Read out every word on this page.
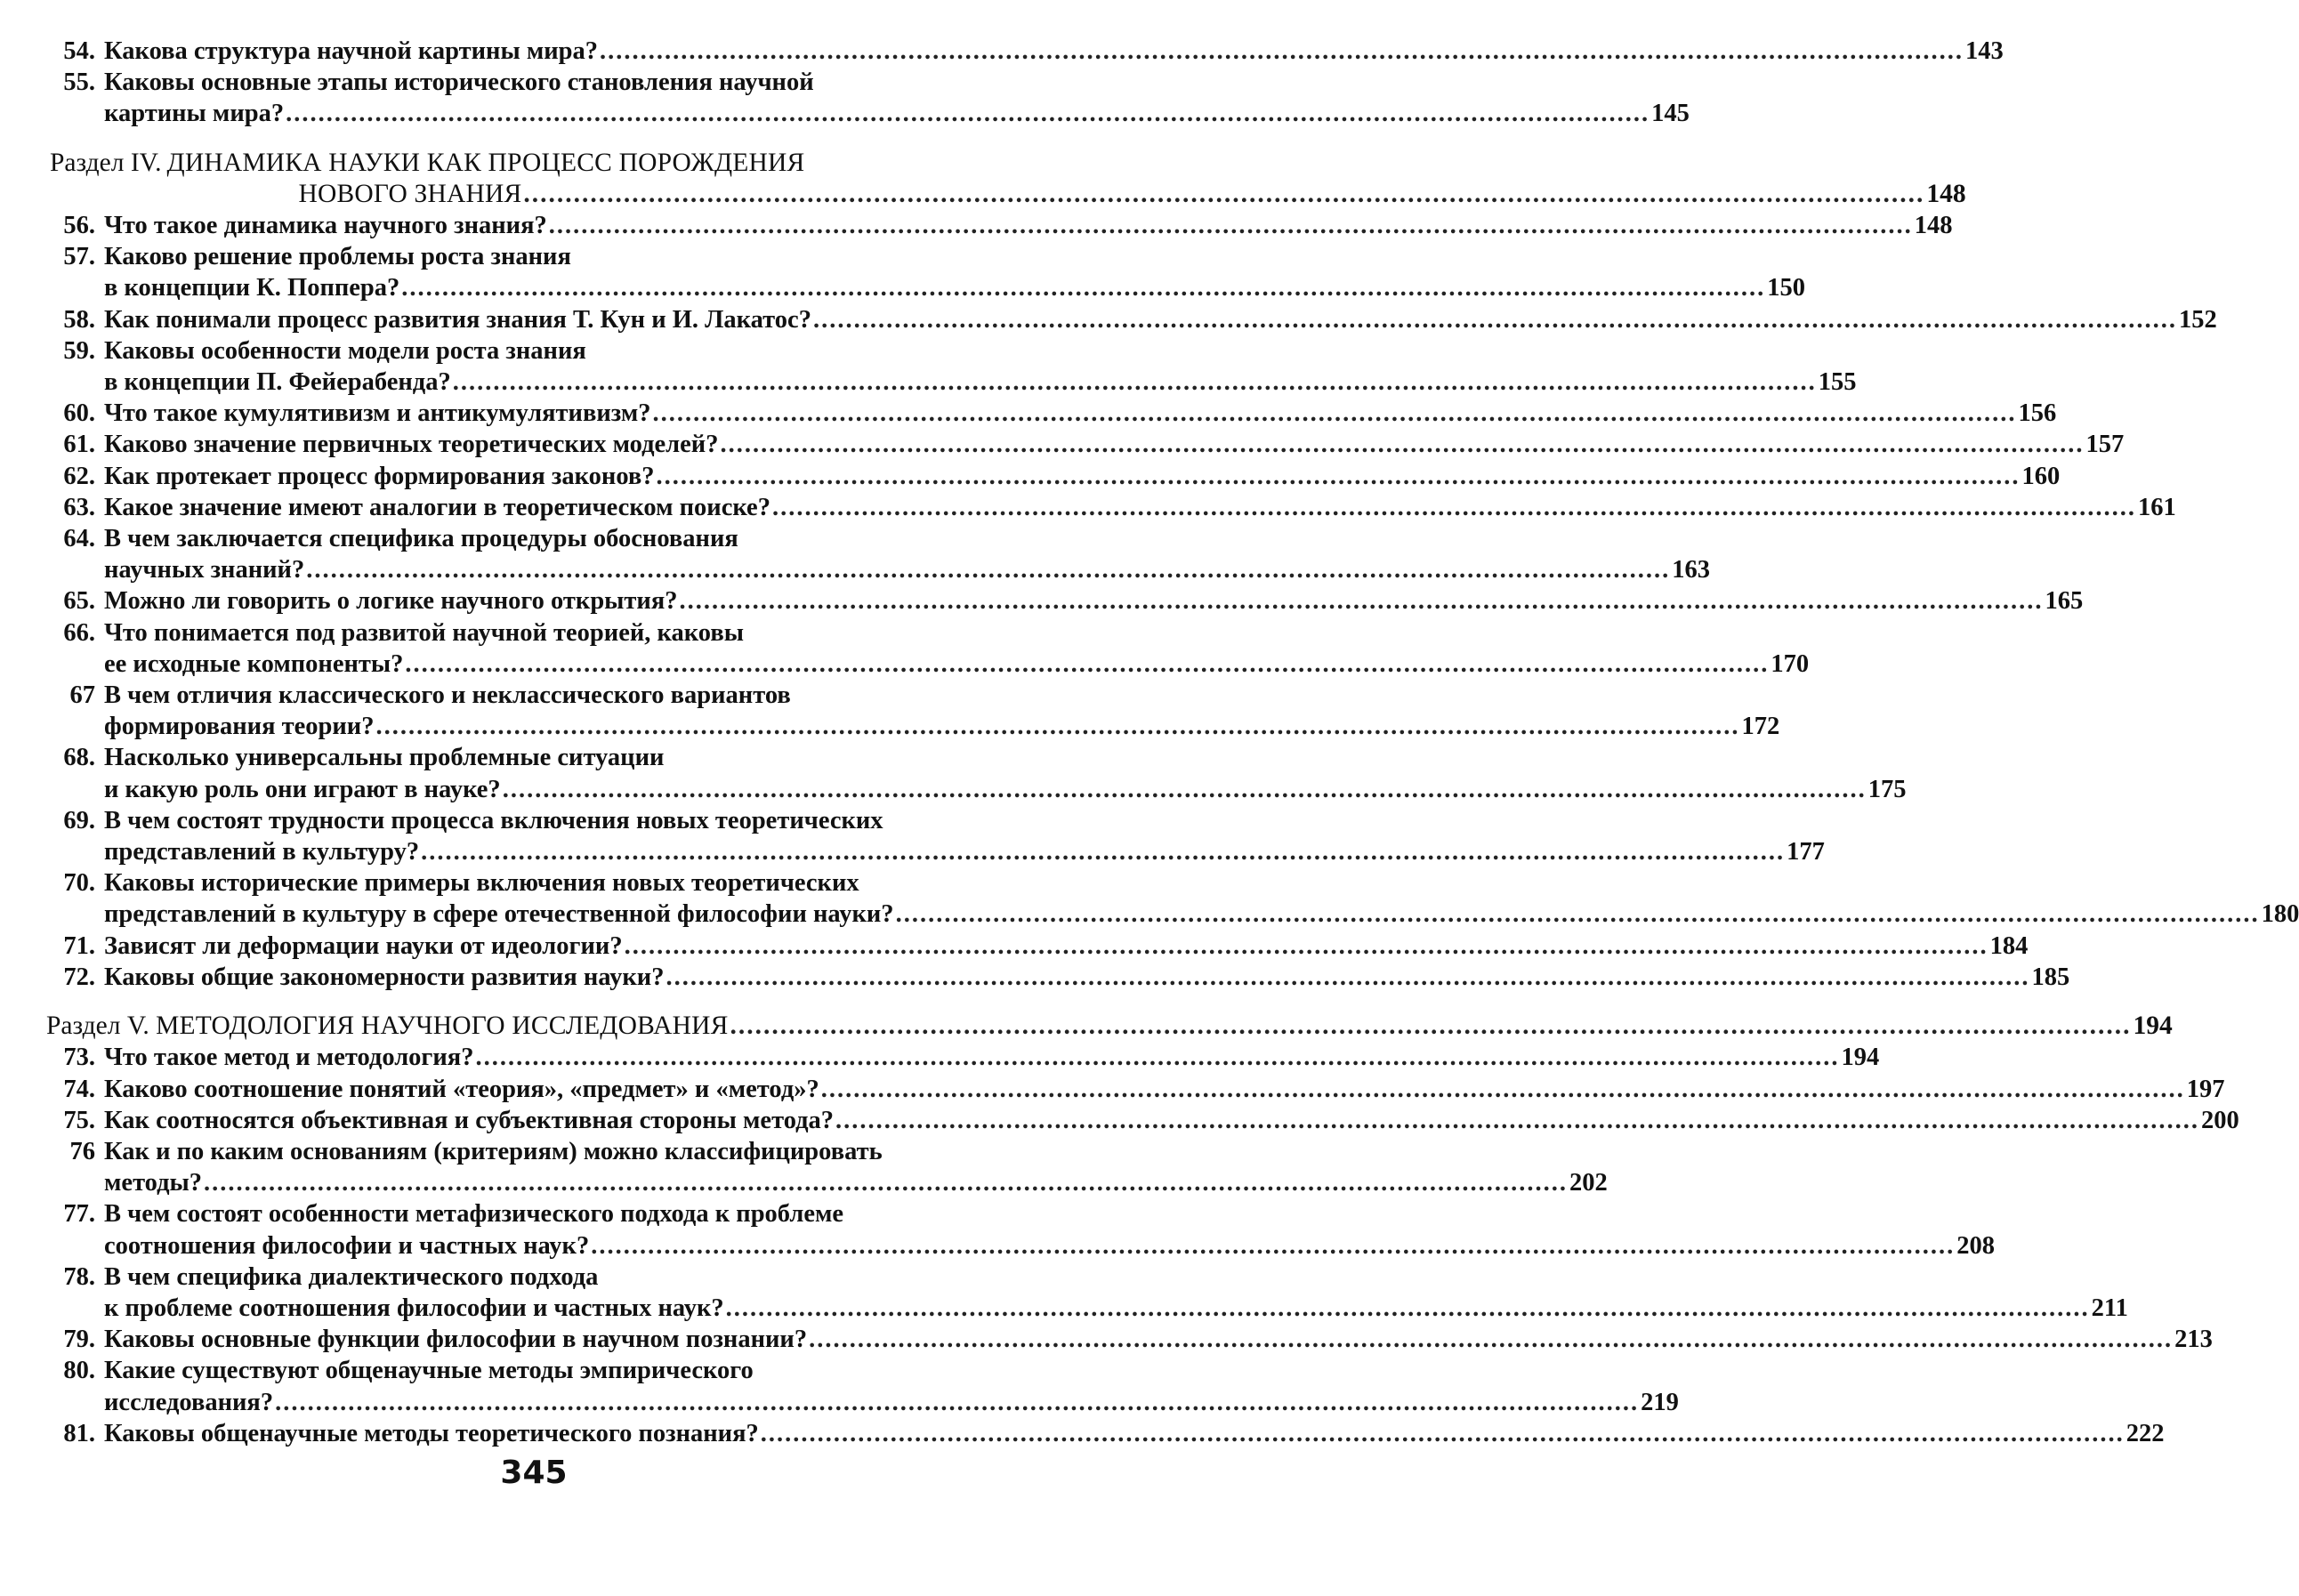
54. Какова структура научной картины мира? .....	143
55. Каковы основные этапы исторического становления научной
картины мира? .....	145
Раздел IV. ДИНАМИКА НАУКИ КАК ПРОЦЕСС ПОРОЖДЕНИЯ
НОВОГО ЗНАНИЯ .....	148
56. Что такое динамика научного знания? .....	148
57. Каково решение проблемы роста знания
в концепции К. Поппера? .....	150
58. Как понимали процесс развития знания Т. Кун и И. Лакатос? .....	152
59. Каковы особенности модели роста знания
в концепции П. Фейерабенда? .....	155
60. Что такое кумулятивизм и антикумулятивизм? .....	156
61. Каково значение первичных теоретических моделей? .....	157
62. Как протекает процесс формирования законов? .....	160
63. Какое значение имеют аналогии в теоретическом поиске? .....	161
64. В чем заключается специфика процедуры обоснования
научных знаний? .....	163
65. Можно ли говорить о логике научного открытия? .....	165
66. Что понимается под развитой научной теорией, каковы
ее исходные компоненты? .....	170
67 В чем отличия классического и неклассического вариантов
формирования теории? .....	172
68. Насколько универсальны проблемные ситуации
и какую роль они играют в науке? .....	175
69. В чем состоят трудности процесса включения новых теоретических
представлений в культуру? .....	177
70. Каковы исторические примеры включения новых теоретических
представлений в культуру в сфере отечественной философии науки? .....	180
71. Зависят ли деформации науки от идеологии? .....	184
72. Каковы общие закономерности развития науки? .....	185
Раздел V.
МЕТОДОЛОГИЯ НАУЧНОГО ИССЛЕДОВАНИЯ .....	194
73. Что такое метод и методология? .....	194
74. Каково соотношение понятий «теория», «предмет» и «метод»? .....	197
75. Как соотносятся объективная и субъективная стороны метода? .....	200
76 Как и по каким основаниям (критериям) можно классифицировать
методы? .....	202
77. В чем состоят особенности метафизического подхода к проблеме
соотношения философии и частных наук? .....	208
78. В чем специфика диалектического подхода
к проблеме соотношения философии и частных наук? .....	211
79. Каковы основные функции философии в научном познании? .....	213
80. Какие существуют общенаучные методы эмпирического
исследования? .....	219
81. Каковы общенаучные методы теоретического познания? .....	222
345
